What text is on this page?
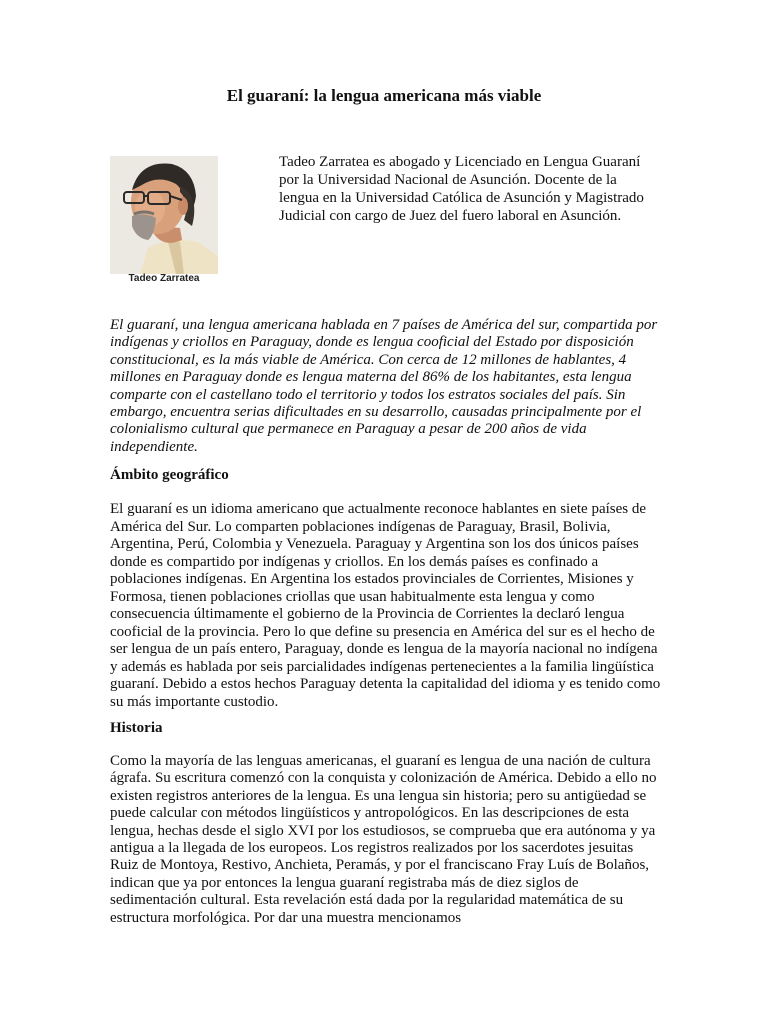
El guaraní: la lengua americana más viable
Tadeo Zarratea

Tadeo Zarratea es abogado y Licenciado en Lengua Guaraní por la Universidad Nacional de Asunción. Docente de la lengua en la Universidad Católica de Asunción y Magistrado Judicial con cargo de Juez del fuero laboral en Asunción.

El guaraní, una lengua americana hablada en 7 países de América del sur, compartida por indígenas y criollos en Paraguay, donde es lengua cooficial del Estado por disposición constitucional, es la más viable de América. Con cerca de 12 millones de hablantes, 4 millones en Paraguay donde es lengua materna del 86% de los habitantes, esta lengua comparte con el castellano todo el territorio y todos los estratos sociales del país. Sin embargo, encuentra serias dificultades en su desarrollo, causadas principalmente por el colonialismo cultural que permanece en Paraguay a pesar de 200 años de vida independiente.

Ámbito geográfico

El guaraní es un idioma americano que actualmente reconoce hablantes en siete países de América del Sur. Lo comparten poblaciones indígenas de Paraguay, Brasil, Bolivia, Argentina, Perú, Colombia y Venezuela. Paraguay y Argentina son los dos únicos países donde es compartido por indígenas y criollos. En los demás países es confinado a poblaciones indígenas. En Argentina los estados provinciales de Corrientes, Misiones y Formosa, tienen poblaciones criollas que usan habitualmente esta lengua y como consecuencia últimamente el gobierno de la Provincia de Corrientes la declaró lengua cooficial de la provincia. Pero lo que define su presencia en América del sur es el hecho de ser lengua de un país entero, Paraguay, donde es lengua de la mayoría nacional no indígena y además es hablada por seis parcialidades indígenas pertenecientes a la familia lingüística guaraní. Debido a estos hechos Paraguay detenta la capitalidad del idioma y es tenido como su más importante custodio.

Historia

Como la mayoría de las lenguas americanas, el guaraní es lengua de una nación de cultura ágrafa. Su escritura comenzó con la conquista y colonización de América. Debido a ello no existen registros anteriores de la lengua. Es una lengua sin historia; pero su antigüedad se puede calcular con métodos lingüísticos y antropológicos. En las descripciones de esta lengua, hechas desde el siglo XVI por los estudiosos, se comprueba que era autónoma y ya antigua a la llegada de los europeos. Los registros realizados por los sacerdotes jesuitas Ruiz de Montoya, Restivo, Anchieta, Peramás, y por el franciscano Fray Luís de Bolaños, indican que ya por entonces la lengua guaraní registraba más de diez siglos de sedimentación cultural. Esta revelación está dada por la regularidad matemática de su estructura morfológica. Por dar una muestra mencionamos
